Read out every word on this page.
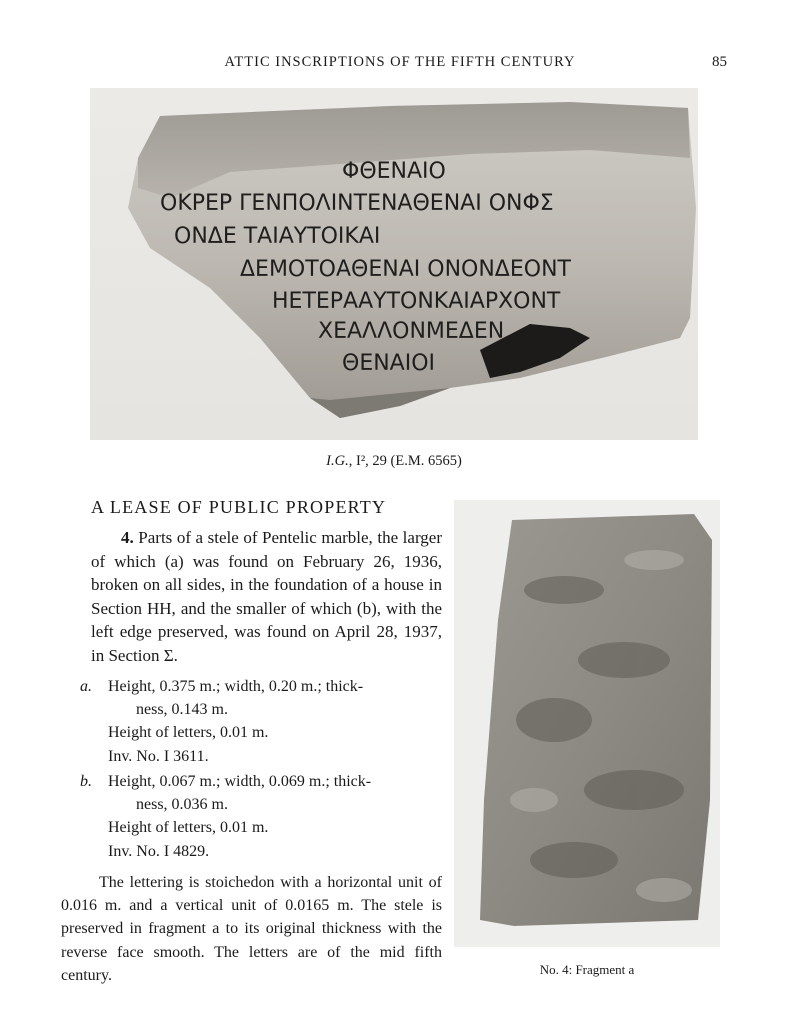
ATTIC INSCRIPTIONS OF THE FIFTH CENTURY	85
ΦΘΕΝΑΙΟ
ΟΚΡΕΡ ΓΕΝΠΟΛΙΝΤΕΝΑΘΕΝΑΙ ΟΝΦΣ
ΟΝΔΕ ΤΑΙΑΥΤΟΙΚΑΙ
ΔΕΜΟΤΟΑΘΕΝΑΙ ΟΝΟΝΔΕΟΝΤ
ΗΕΤΕΡΑΑΥΤΟΝΚΑΙΑΡΧΟΝΤ
ΧΕΑΛΛΟΝΜΕΔΕΝ
ΘΕΝΑΙΟΙ
I.G., I², 29 (E.M. 6565)
A LEASE OF PUBLIC PROPERTY
4. Parts of a stele of Pentelic marble, the larger of which (a) was found on February 26, 1936, broken on all sides, in the foundation of a house in Section HH, and the smaller of which (b), with the left edge preserved, was found on April 28, 1937, in Section Σ.
a. Height, 0.375 m.; width, 0.20 m.; thick-
ness, 0.143 m.
Height of letters, 0.01 m.
Inv. No. I 3611.
b. Height, 0.067 m.; width, 0.069 m.; thick-
ness, 0.036 m.
Height of letters, 0.01 m.
Inv. No. I 4829.
The lettering is stoichedon with a horizontal unit of 0.016 m. and a vertical unit of 0.0165 m. The stele is preserved in fragment a to its original thickness with the reverse face smooth. The letters are of the mid fifth century.	No. 4: Fragment a
